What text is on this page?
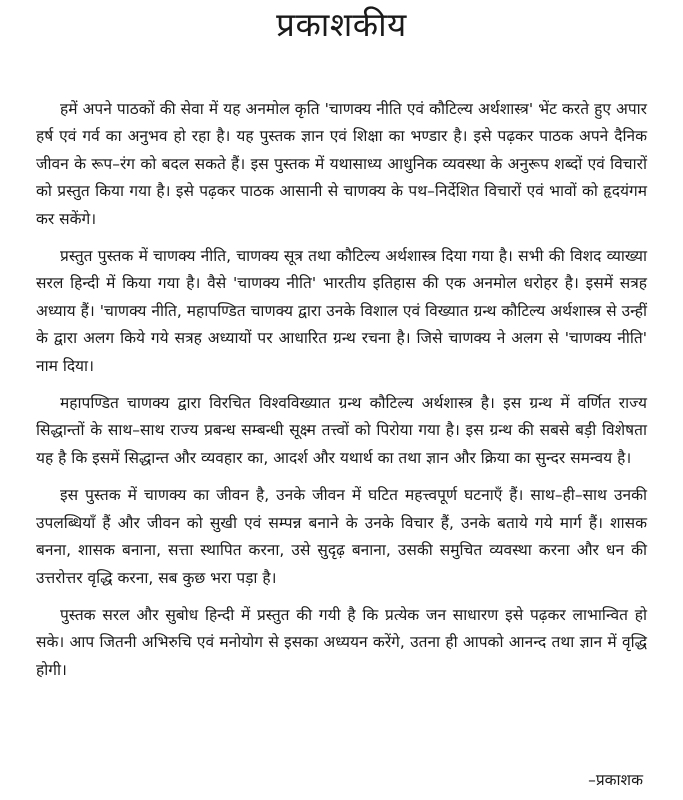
प्रकाशकीय

हमें अपने पाठकों की सेवा में यह अनमोल कृति 'चाणक्य नीति एवं कौटिल्य अर्थशास्त्र' भेंट करते हुए अपार हर्ष एवं गर्व का अनुभव हो रहा है। यह पुस्तक ज्ञान एवं शिक्षा का भण्डार है। इसे पढ़कर पाठक अपने दैनिक जीवन के रूप–रंग को बदल सकते हैं। इस पुस्तक में यथासाध्य आधुनिक व्यवस्था के अनुरूप शब्दों एवं विचारों को प्रस्तुत किया गया है। इसे पढ़कर पाठक आसानी से चाणक्य के पथ–निर्देशित विचारों एवं भावों को हृदयंगम कर सकेंगे।

प्रस्तुत पुस्तक में चाणक्य नीति, चाणक्य सूत्र तथा कौटिल्य अर्थशास्त्र दिया गया है। सभी की विशद व्याख्या सरल हिन्दी में किया गया है। वैसे 'चाणक्य नीति' भारतीय इतिहास की एक अनमोल धरोहर है। इसमें सत्रह अध्याय हैं। 'चाणक्य नीति, महापण्डित चाणक्य द्वारा उनके विशाल एवं विख्यात ग्रन्थ कौटिल्य अर्थशास्त्र से उन्हीं के द्वारा अलग किये गये सत्रह अध्यायों पर आधारित ग्रन्थ रचना है। जिसे चाणक्य ने अलग से 'चाणक्य नीति' नाम दिया।

महापण्डित चाणक्य द्वारा विरचित विश्वविख्यात ग्रन्थ कौटिल्य अर्थशास्त्र है। इस ग्रन्थ में वर्णित राज्य सिद्धान्तों के साथ–साथ राज्य प्रबन्ध सम्बन्धी सूक्ष्म तत्त्वों को पिरोया गया है। इस ग्रन्थ की सबसे बड़ी विशेषता यह है कि इसमें सिद्धान्त और व्यवहार का, आदर्श और यथार्थ का तथा ज्ञान और क्रिया का सुन्दर समन्वय है।

इस पुस्तक में चाणक्य का जीवन है, उनके जीवन में घटित महत्त्वपूर्ण घटनाएँ हैं। साथ–ही–साथ उनकी उपलब्धियाँ हैं और जीवन को सुखी एवं सम्पन्न बनाने के उनके विचार हैं, उनके बताये गये मार्ग हैं। शासक बनना, शासक बनाना, सत्ता स्थापित करना, उसे सुदृढ़ बनाना, उसकी समुचित व्यवस्था करना और धन की उत्तरोत्तर वृद्धि करना, सब कुछ भरा पड़ा है।

पुस्तक सरल और सुबोध हिन्दी में प्रस्तुत की गयी है कि प्रत्येक जन साधारण इसे पढ़कर लाभान्वित हो सके। आप जितनी अभिरुचि एवं मनोयोग से इसका अध्ययन करेंगे, उतना ही आपको आनन्द तथा ज्ञान में वृद्धि होगी।

–प्रकाशक
